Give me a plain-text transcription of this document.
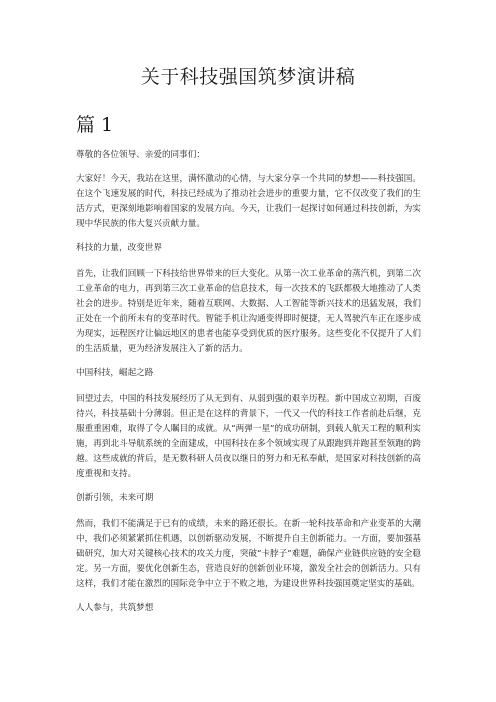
关于科技强国筑梦演讲稿
篇 1

尊敬的各位领导、亲爱的同事们：

大家好！今天，我站在这里，满怀激动的心情，与大家分享一个共同的梦想——科技强国。在这个飞速发展的时代，科技已经成为了推动社会进步的重要力量，它不仅改变了我们的生活方式，更深刻地影响着国家的发展方向。今天，让我们一起探讨如何通过科技创新，为实现中华民族的伟大复兴贡献力量。

科技的力量，改变世界

首先，让我们回顾一下科技给世界带来的巨大变化。从第一次工业革命的蒸汽机，到第二次工业革命的电力，再到第三次工业革命的信息技术，每一次技术的飞跃都极大地推动了人类社会的进步。特别是近年来，随着互联网、大数据、人工智能等新兴技术的迅猛发展，我们正处在一个前所未有的变革时代。智能手机让沟通变得即时便捷，无人驾驶汽车正在逐步成为现实，远程医疗让偏远地区的患者也能享受到优质的医疗服务。这些变化不仅提升了人们的生活质量，更为经济发展注入了新的活力。

中国科技，崛起之路

回望过去，中国的科技发展经历了从无到有、从弱到强的艰辛历程。新中国成立初期，百废待兴，科技基础十分薄弱。但正是在这样的背景下，一代又一代的科技工作者前赴后继，克服重重困难，取得了令人瞩目的成就。从“两弹一星”的成功研制，到载人航天工程的顺利实施，再到北斗导航系统的全面建成，中国科技在多个领域实现了从跟跑到并跑甚至领跑的跨越。这些成就的背后，是无数科研人员夜以继日的努力和无私奉献，是国家对科技创新的高度重视和支持。

创新引领，未来可期

然而，我们不能满足于已有的成绩，未来的路还很长。在新一轮科技革命和产业变革的大潮中，我们必须紧紧抓住机遇，以创新驱动发展，不断提升自主创新能力。一方面，要加强基础研究，加大对关键核心技术的攻关力度，突破“卡脖子”难题，确保产业链供应链的安全稳定。另一方面，要优化创新生态，营造良好的创新创业环境，激发全社会的创新活力。只有这样，我们才能在激烈的国际竞争中立于不败之地，为建设世界科技强国奠定坚实的基础。

人人参与，共筑梦想
